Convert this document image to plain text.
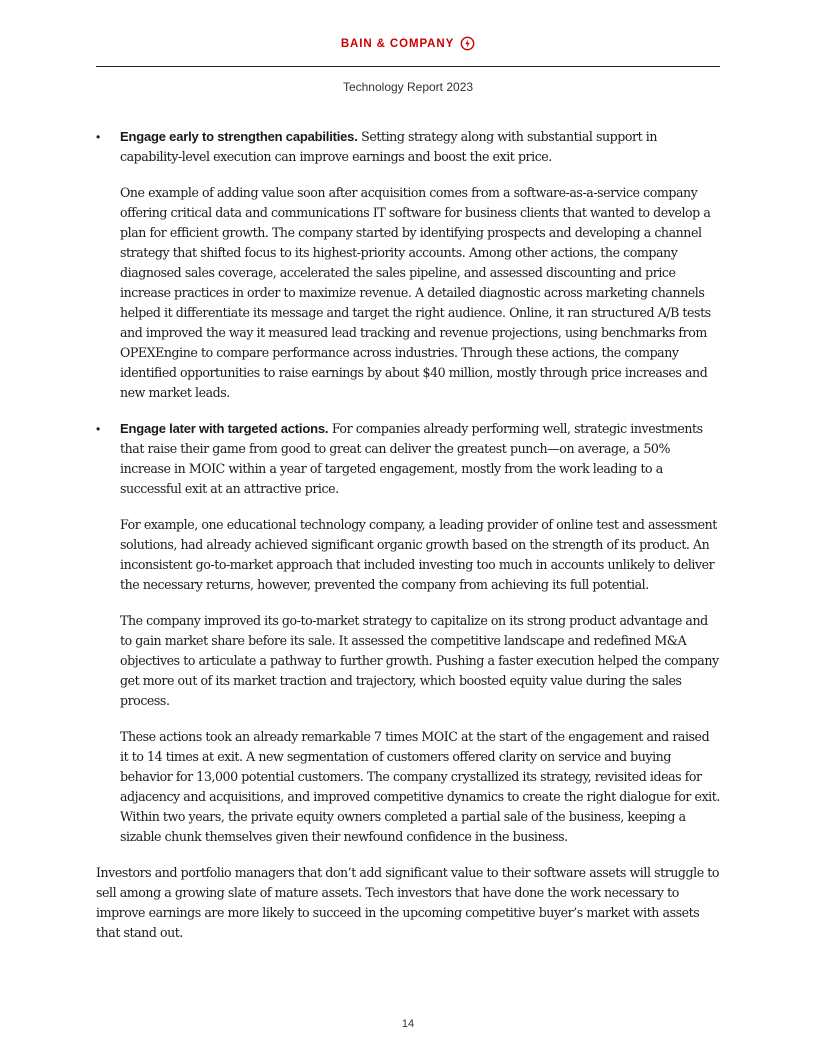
BAIN & COMPANY
Technology Report 2023
• Engage early to strengthen capabilities. Setting strategy along with substantial support in capability-level execution can improve earnings and boost the exit price.

One example of adding value soon after acquisition comes from a software-as-a-service company offering critical data and communications IT software for business clients that wanted to develop a plan for efficient growth. The company started by identifying prospects and developing a channel strategy that shifted focus to its highest-priority accounts. Among other actions, the company diagnosed sales coverage, accelerated the sales pipeline, and assessed discounting and price increase practices in order to maximize revenue. A detailed diagnostic across marketing channels helped it differentiate its message and target the right audience. Online, it ran structured A/B tests and improved the way it measured lead tracking and revenue projections, using benchmarks from OPEXEngine to compare performance across industries. Through these actions, the company identified opportunities to raise earnings by about $40 million, mostly through price increases and new market leads.

• Engage later with targeted actions. For companies already performing well, strategic investments that raise their game from good to great can deliver the greatest punch—on average, a 50% increase in MOIC within a year of targeted engagement, mostly from the work leading to a successful exit at an attractive price.

For example, one educational technology company, a leading provider of online test and assessment solutions, had already achieved significant organic growth based on the strength of its product. An inconsistent go-to-market approach that included investing too much in accounts unlikely to deliver the necessary returns, however, prevented the company from achieving its full potential.

The company improved its go-to-market strategy to capitalize on its strong product advantage and to gain market share before its sale. It assessed the competitive landscape and redefined M&A objectives to articulate a pathway to further growth. Pushing a faster execution helped the company get more out of its market traction and trajectory, which boosted equity value during the sales process.

These actions took an already remarkable 7 times MOIC at the start of the engagement and raised it to 14 times at exit. A new segmentation of customers offered clarity on service and buying behavior for 13,000 potential customers. The company crystallized its strategy, revisited ideas for adjacency and acquisitions, and improved competitive dynamics to create the right dialogue for exit. Within two years, the private equity owners completed a partial sale of the business, keeping a sizable chunk themselves given their newfound confidence in the business.

Investors and portfolio managers that don’t add significant value to their software assets will struggle to sell among a growing slate of mature assets. Tech investors that have done the work necessary to improve earnings are more likely to succeed in the upcoming competitive buyer’s market with assets that stand out.

14
